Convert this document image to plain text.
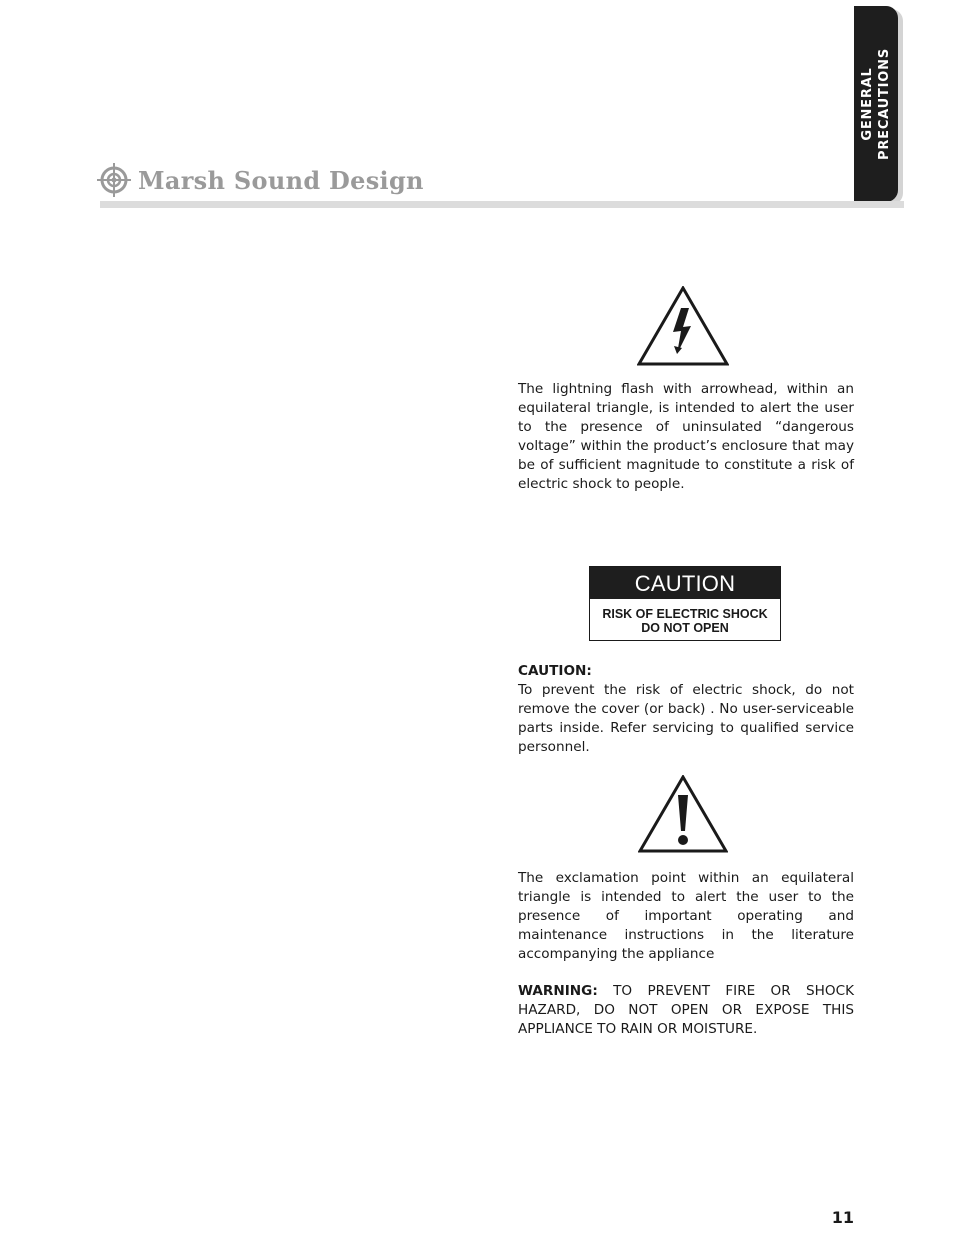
GENERAL PRECAUTIONS
Marsh Sound Design

The lightning flash with arrowhead, within an equilateral triangle, is intended to alert the user to the presence of uninsulated “dangerous voltage” within the product’s enclosure that may be of sufficient magnitude to constitute a risk of electric shock to people.

CAUTION
RISK OF ELECTRIC SHOCK
DO NOT OPEN

CAUTION:

To prevent the risk of electric shock, do not remove the cover (or back) . No user-serviceable parts inside. Refer servicing to qualified service personnel.

The exclamation point within an equilateral triangle is intended to alert the user to the presence of important operating and maintenance instructions in the literature accompanying the appliance

WARNING: TO PREVENT FIRE OR SHOCK HAZARD, DO NOT OPEN OR EXPOSE THIS APPLIANCE TO RAIN OR MOISTURE.

11
